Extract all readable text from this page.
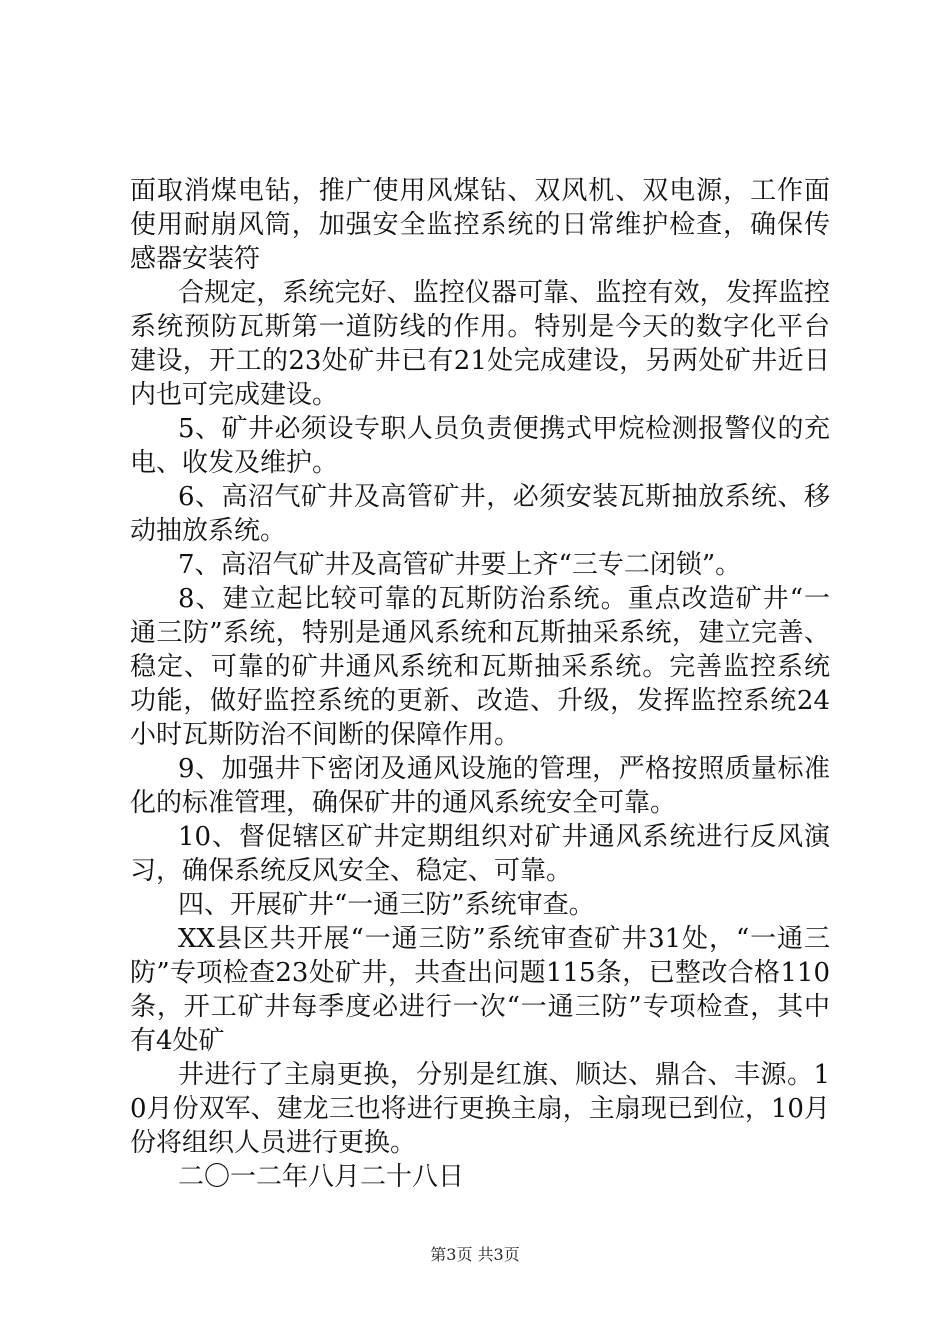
面取消煤电钻，推广使用风煤钻、双风机、双电源，工作面使用耐崩风筒，加强安全监控系统的日常维护检查，确保传感器安装符

合规定，系统完好、监控仪器可靠、监控有效，发挥监控系统预防瓦斯第一道防线的作用。特别是今天的数字化平台建设，开工的23处矿井已有21处完成建设，另两处矿井近日内也可完成建设。

5、矿井必须设专职人员负责便携式甲烷检测报警仪的充电、收发及维护。

6、高沼气矿井及高管矿井，必须安装瓦斯抽放系统、移动抽放系统。

7、高沼气矿井及高管矿井要上齐“三专二闭锁”。

8、建立起比较可靠的瓦斯防治系统。重点改造矿井“一通三防”系统，特别是通风系统和瓦斯抽采系统，建立完善、稳定、可靠的矿井通风系统和瓦斯抽采系统。完善监控系统功能，做好监控系统的更新、改造、升级，发挥监控系统24小时瓦斯防治不间断的保障作用。

9、加强井下密闭及通风设施的管理，严格按照质量标准化的标准管理，确保矿井的通风系统安全可靠。

10、督促辖区矿井定期组织对矿井通风系统进行反风演习，确保系统反风安全、稳定、可靠。

四、开展矿井“一通三防”系统审查。

XX县区共开展“一通三防”系统审查矿井31处，“一通三防”专项检查23处矿井，共查出问题115条，已整改合格110条，开工矿井每季度必进行一次“一通三防”专项检查，其中有4处矿

井进行了主扇更换，分别是红旗、顺达、鼎合、丰源。10月份双军、建龙三也将进行更换主扇，主扇现已到位，10月份将组织人员进行更换。

二〇一二年八月二十八日

第3页 共3页
